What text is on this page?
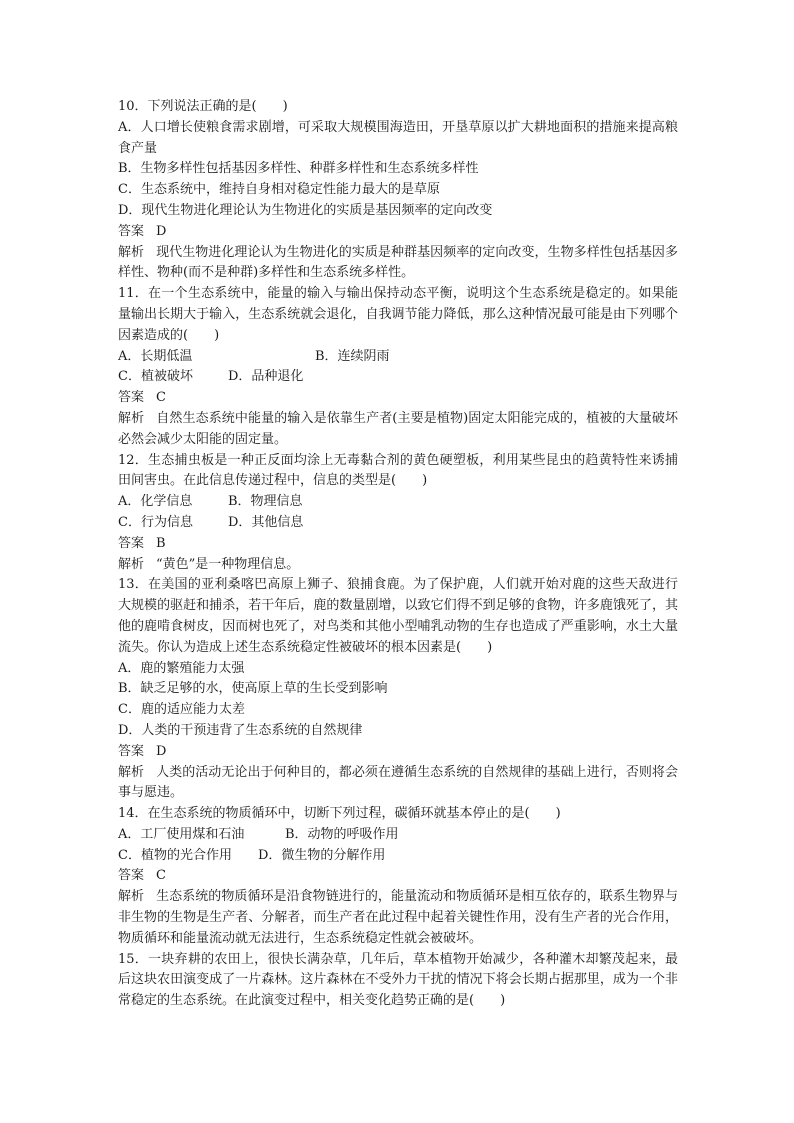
10．下列说法正确的是(　　)
A．人口增长使粮食需求剧增，可采取大规模围海造田，开垦草原以扩大耕地面积的措施来提高粮食产量
B．生物多样性包括基因多样性、种群多样性和生态系统多样性
C．生态系统中，维持自身相对稳定性能力最大的是草原
D．现代生物进化理论认为生物进化的实质是基因频率的定向改变
答案 D
解析 现代生物进化理论认为生物进化的实质是种群基因频率的定向改变，生物多样性包括基因多样性、物种(而不是种群)多样性和生态系统多样性。
11．在一个生态系统中，能量的输入与输出保持动态平衡，说明这个生态系统是稳定的。如果能量输出长期大于输入，生态系统就会退化，自我调节能力降低，那么这种情况最可能是由下列哪个因素造成的(　　)
A．长期低温	B．连续阴雨
C．植被破坏	D．品种退化
答案 C
解析 自然生态系统中能量的输入是依靠生产者(主要是植物)固定太阳能完成的，植被的大量破坏必然会减少太阳能的固定量。
12．生态捕虫板是一种正反面均涂上无毒黏合剂的黄色硬塑板，利用某些昆虫的趋黄特性来诱捕田间害虫。在此信息传递过程中，信息的类型是(　　)
A．化学信息	B．物理信息
C．行为信息	D．其他信息
答案 B
解析 “黄色”是一种物理信息。
13．在美国的亚利桑喀巴高原上狮子、狼捕食鹿。为了保护鹿，人们就开始对鹿的这些天敌进行大规模的驱赶和捕杀，若干年后，鹿的数量剧增，以致它们得不到足够的食物，许多鹿饿死了，其他的鹿啃食树皮，因而树也死了，对鸟类和其他小型哺乳动物的生存也造成了严重影响，水土大量流失。你认为造成上述生态系统稳定性被破坏的根本因素是(　　)
A．鹿的繁殖能力太强
B．缺乏足够的水，使高原上草的生长受到影响
C．鹿的适应能力太差
D．人类的干预违背了生态系统的自然规律
答案 D
解析 人类的活动无论出于何种目的，都必须在遵循生态系统的自然规律的基础上进行，否则将会事与愿违。
14．在生态系统的物质循环中，切断下列过程，碳循环就基本停止的是(　　)
A．工厂使用煤和石油	B．动物的呼吸作用
C．植物的光合作用	D．微生物的分解作用
答案 C
解析 生态系统的物质循环是沿食物链进行的，能量流动和物质循环是相互依存的，联系生物界与非生物的生物是生产者、分解者，而生产者在此过程中起着关键性作用，没有生产者的光合作用，物质循环和能量流动就无法进行，生态系统稳定性就会被破坏。
15．一块弃耕的农田上，很快长满杂草，几年后，草本植物开始减少，各种灌木却繁茂起来，最后这块农田演变成了一片森林。这片森林在不受外力干扰的情况下将会长期占据那里，成为一个非常稳定的生态系统。在此演变过程中，相关变化趋势正确的是(　　)
